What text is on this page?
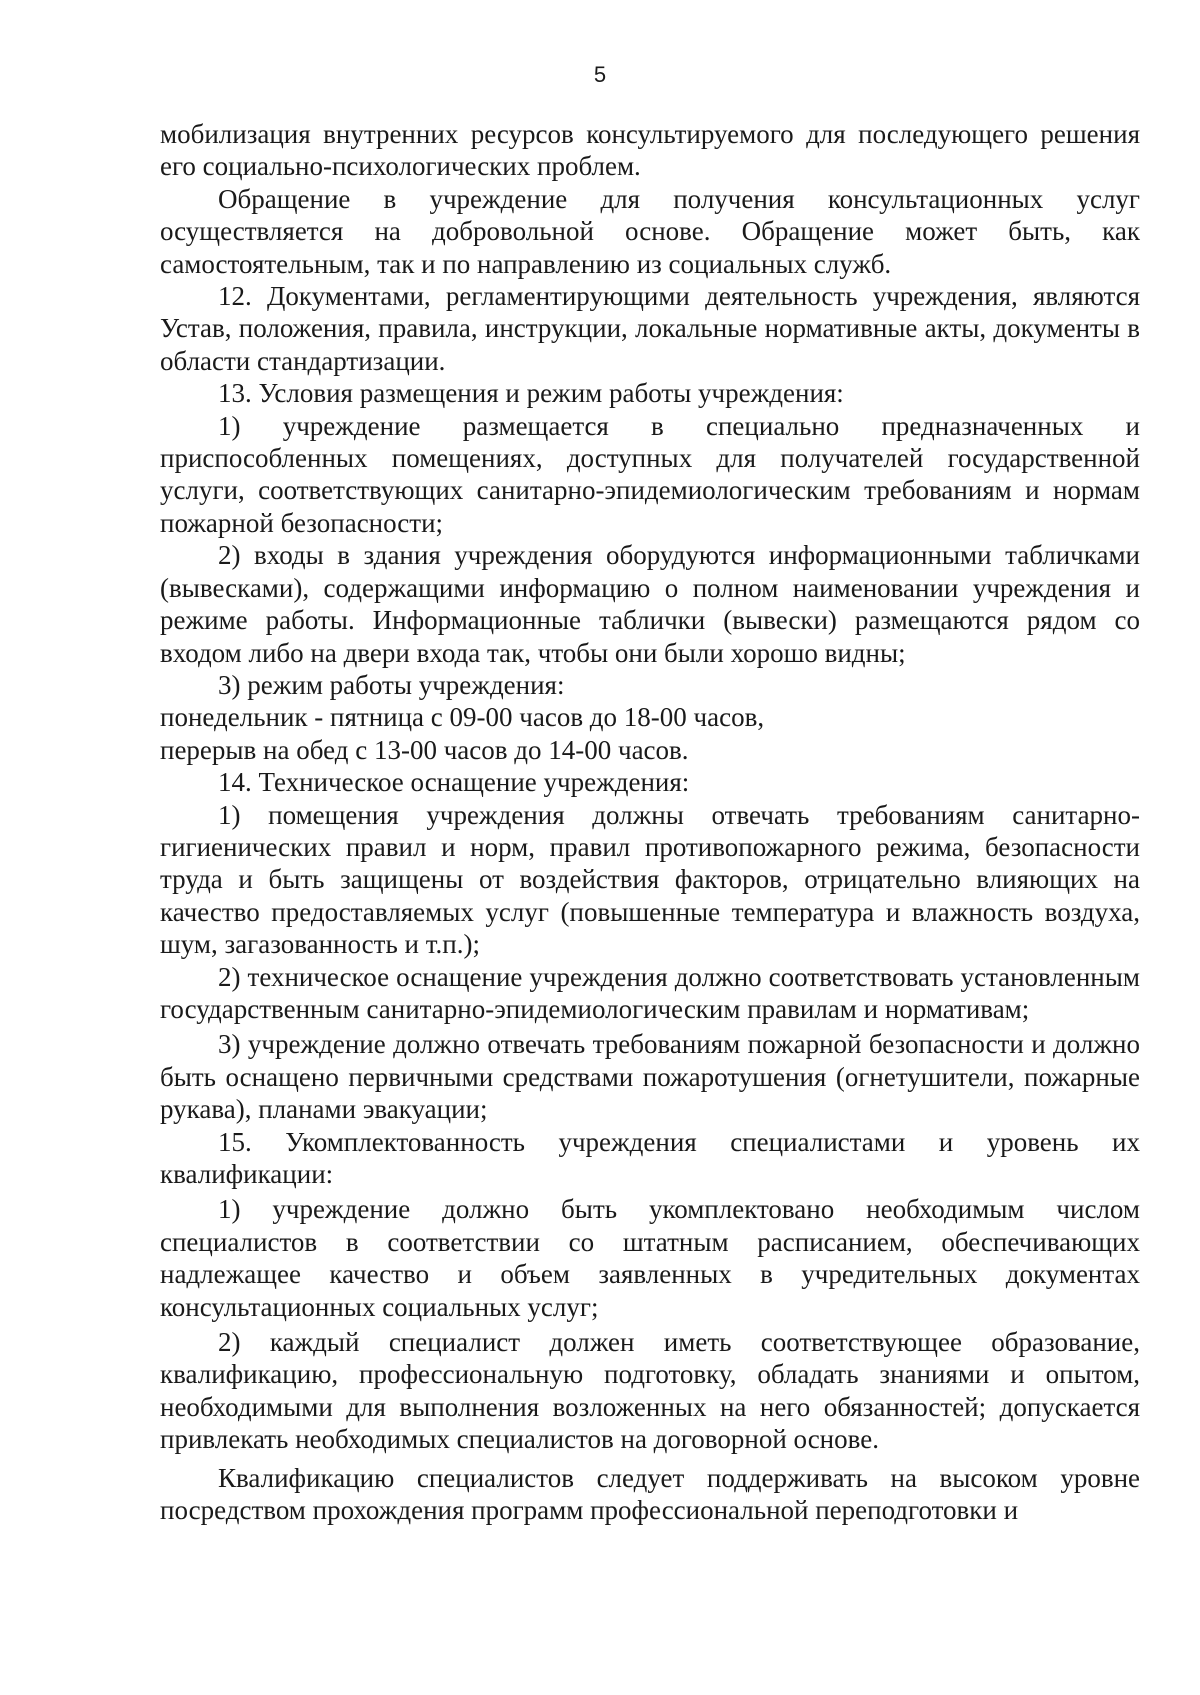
5

мобилизация внутренних ресурсов консультируемого для последующего решения его социально-психологических проблем.

Обращение в учреждение для получения консультационных услуг осуществляется на добровольной основе. Обращение может быть, как самостоятельным, так и по направлению из социальных служб.

12. Документами, регламентирующими деятельность учреждения, являются Устав, положения, правила, инструкции, локальные нормативные акты, документы в области стандартизации.

13. Условия размещения и режим работы учреждения:

1) учреждение размещается в специально предназначенных и приспособленных помещениях, доступных для получателей государственной услуги, соответствующих санитарно-эпидемиологическим требованиям и нормам пожарной безопасности;

2) входы в здания учреждения оборудуются информационными табличками (вывесками), содержащими информацию о полном наименовании учреждения и режиме работы. Информационные таблички (вывески) размещаются рядом со входом либо на двери входа так, чтобы они были хорошо видны;

3) режим работы учреждения:

понедельник - пятница с 09-00 часов до 18-00 часов,

перерыв на обед с 13-00 часов до 14-00 часов.

14. Техническое оснащение учреждения:

1) помещения учреждения должны отвечать требованиям санитарно-гигиенических правил и норм, правил противопожарного режима, безопасности труда и быть защищены от воздействия факторов, отрицательно влияющих на качество предоставляемых услуг (повышенные температура и влажность воздуха, шум, загазованность и т.п.);

2) техническое оснащение учреждения должно соответствовать установленным государственным санитарно-эпидемиологическим правилам и нормативам;

3) учреждение должно отвечать требованиям пожарной безопасности и должно быть оснащено первичными средствами пожаротушения (огнетушители, пожарные рукава), планами эвакуации;

15. Укомплектованность учреждения специалистами и уровень их квалификации:

1) учреждение должно быть укомплектовано необходимым числом специалистов в соответствии со штатным расписанием, обеспечивающих надлежащее качество и объем заявленных в учредительных документах консультационных социальных услуг;

2) каждый специалист должен иметь соответствующее образование, квалификацию, профессиональную подготовку, обладать знаниями и опытом, необходимыми для выполнения возложенных на него обязанностей; допускается привлекать необходимых специалистов на договорной основе.

Квалификацию специалистов следует поддерживать на высоком уровне посредством прохождения программ профессиональной переподготовки и
